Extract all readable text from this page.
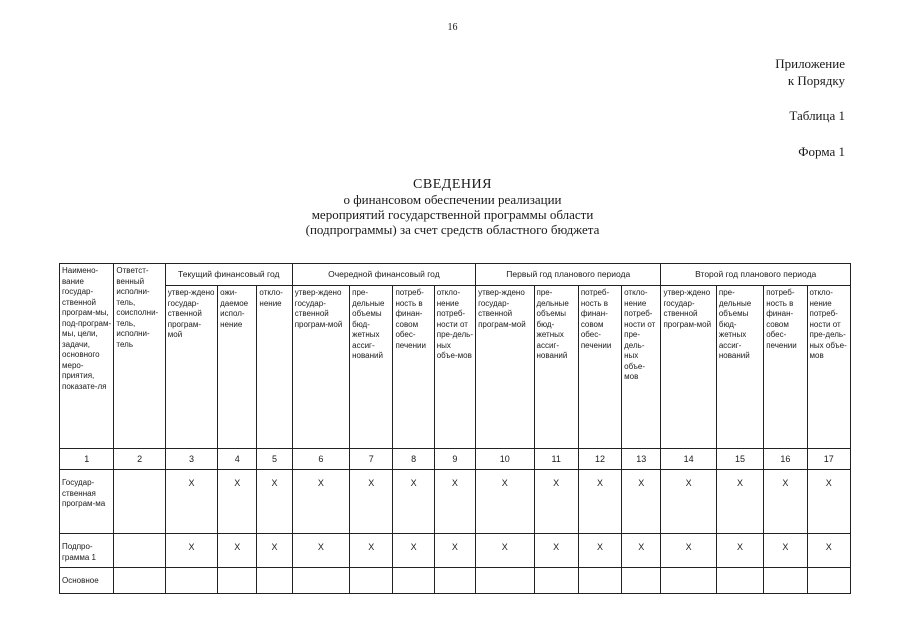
16
Приложение
к Порядку
Таблица 1
Форма 1
СВЕДЕНИЯ
о финансовом обеспечении реализации
мероприятий государственной программы области
(подпрограммы) за счет средств областного бюджета
Наимено-вание государ-ственной програм-мы, под-програм-мы, цели, задачи, основного меро-приятия, показате-ля	Ответст-венный исполни-тель, соисполни-тель, исполни-тель	Текущий финансовый год			Очередной финансовый год				Первый год планового периода				Второй год планового периода			
		утвер-ждено государ-ственной програм-мой	ожи-даемое испол-нение	откло-нение	утвер-ждено государ-ственной програм-мой	пре-дельные объемы бюд-жетных ассиг-нований	потреб-ность в финан-совом обес-печении	откло-нение потреб-ности от пре-дель-ных объе-мов	утвер-ждено государ-ственной програм-мой	пре-дельные объемы бюд-жетных ассиг-нований	потреб-ность в финан-совом обес-печении	откло-нение потреб-ности от пре-дель-ных объе-мов	утвер-ждено государ-ственной програм-мой	пре-дельные объемы бюд-жетных ассиг-нований	потреб-ность в финан-совом обес-печении	откло-нение потреб-ности от пре-дель-ных объе-мов
1	2	3	4	5	6	7	8	9	10	11	12	13	14	15	16	17
Государ-ственная програм-ма		X	X	X	X	X	X	X	X	X	X	X	X	X	X	X
Подпро-грамма 1		X	X	X	X	X	X	X	X	X	X	X	X	X	X	X
Основное																
